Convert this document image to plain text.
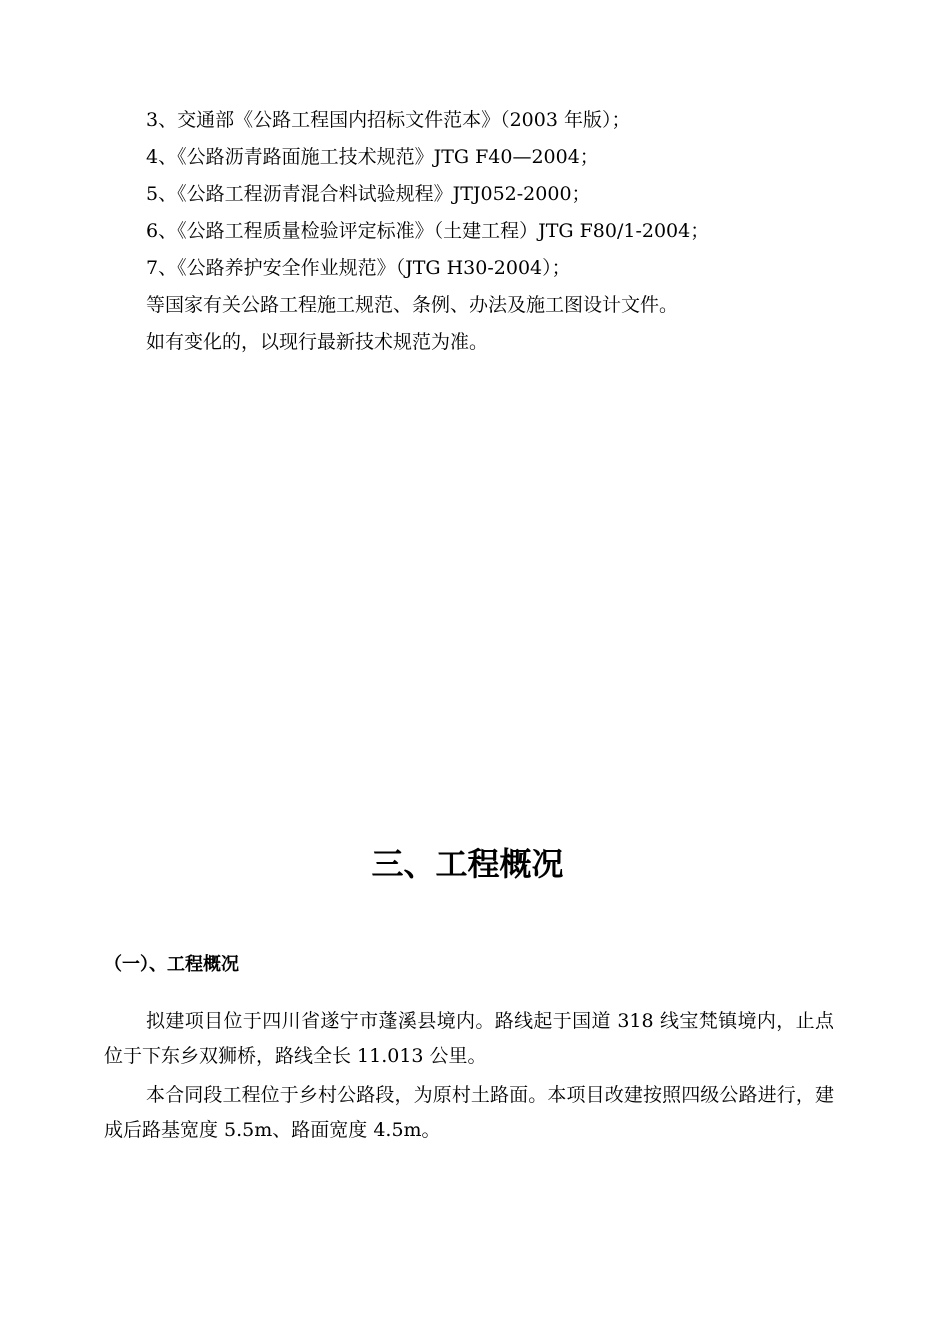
3、交通部《公路工程国内招标文件范本》（2003 年版）；
4、《公路沥青路面施工技术规范》JTG F40—2004；
5、《公路工程沥青混合料试验规程》JTJ052-2000；
6、《公路工程质量检验评定标准》（土建工程）JTG F80/1-2004；
7、《公路养护安全作业规范》（JTG H30-2004）；
等国家有关公路工程施工规范、条例、办法及施工图设计文件。
如有变化的，以现行最新技术规范为准。
三、工程概况
（一）、工程概况

拟建项目位于四川省遂宁市蓬溪县境内。路线起于国道 318 线宝梵镇境内，止点位于下东乡双狮桥，路线全长 11.013 公里。

本合同段工程位于乡村公路段，为原村土路面。本项目改建按照四级公路进行，建成后路基宽度 5.5m、路面宽度 4.5m。
